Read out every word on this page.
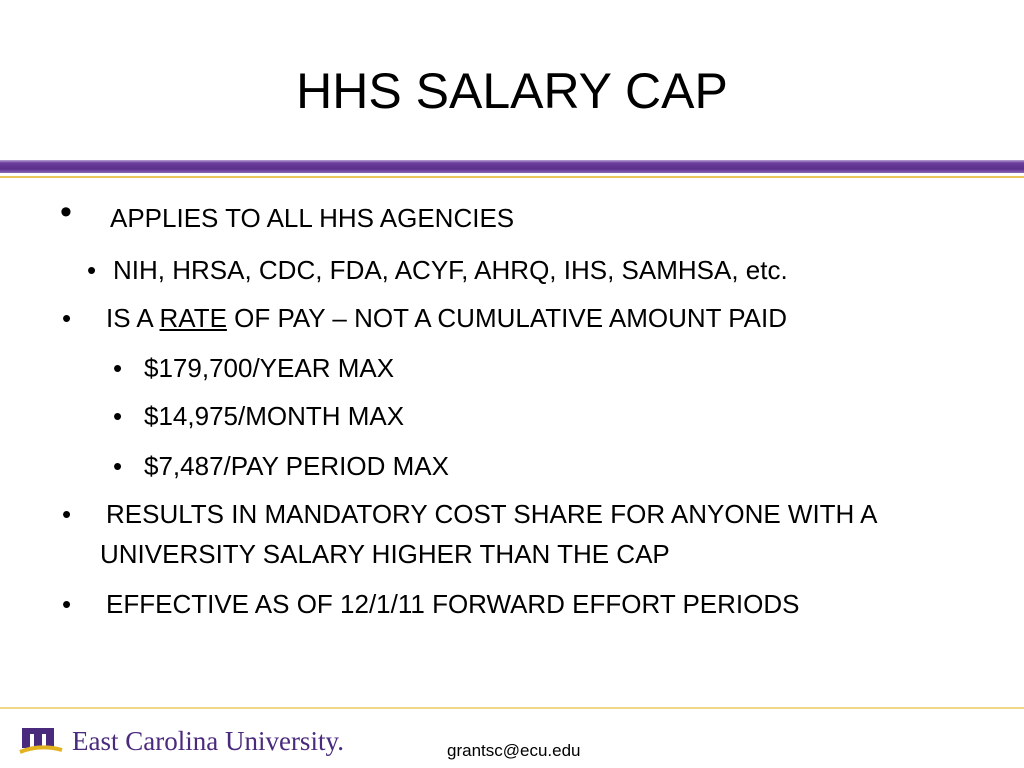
HHS SALARY CAP
• APPLIES TO ALL HHS AGENCIES
• NIH, HRSA, CDC, FDA, ACYF, AHRQ, IHS, SAMHSA, etc.
• IS A RATE OF PAY – NOT A CUMULATIVE AMOUNT PAID
• $179,700/YEAR MAX
• $14,975/MONTH MAX
• $7,487/PAY PERIOD MAX
• RESULTS IN MANDATORY COST SHARE FOR ANYONE WITH A
UNIVERSITY SALARY HIGHER THAN THE CAP
• EFFECTIVE AS OF 12/1/11 FORWARD EFFORT PERIODS
East Carolina University.	grantsc@ecu.edu
